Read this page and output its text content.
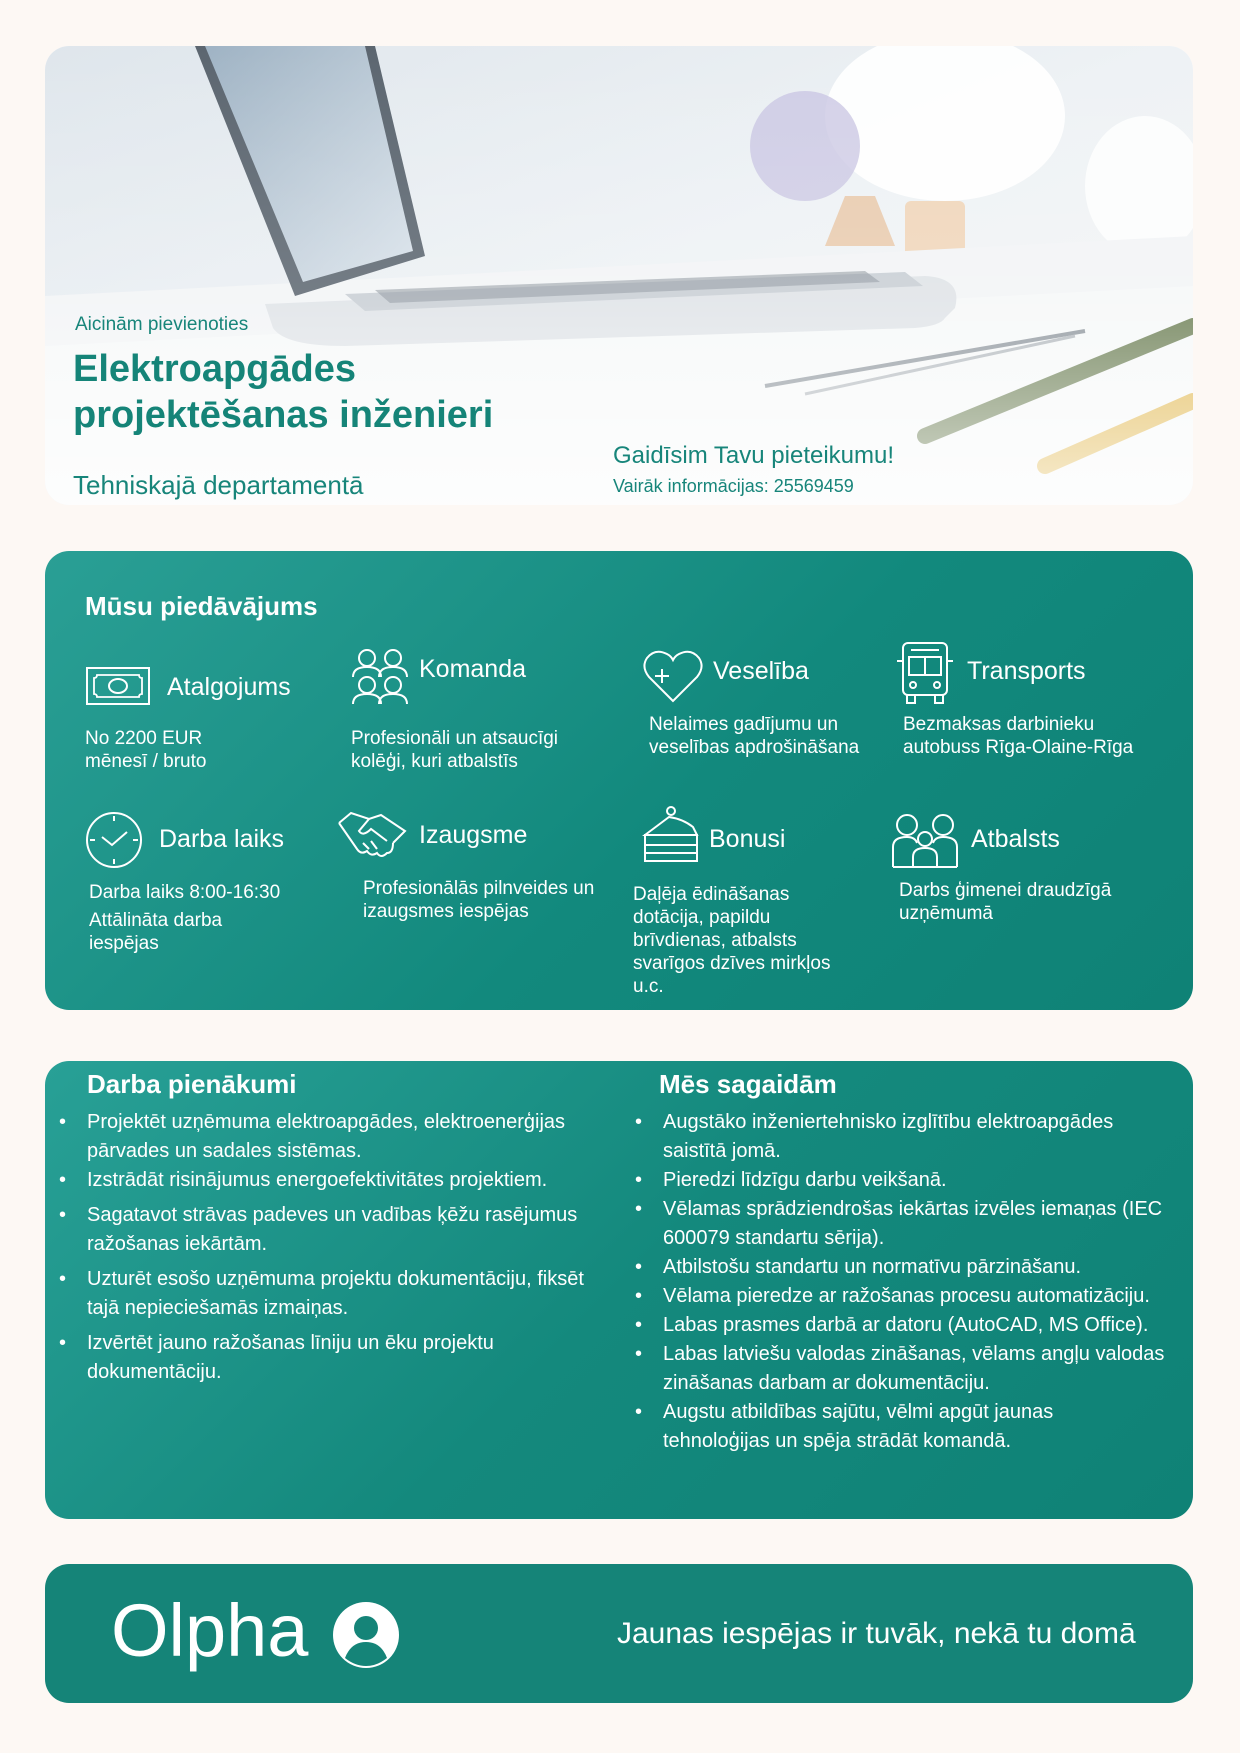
Aicinām pievienoties
Elektroapgādes
projektēšanas inženieri
Tehniskajā departamentā
Gaidīsim Tavu pieteikumu!
Vairāk informācijas: 25569459
Mūsu piedāvājums
Atalgojums
No 2200 EUR mēnesī / bruto
Komanda
Profesionāli un atsaucīgi kolēģi, kuri atbalstīs
Veselība
Nelaimes gadījumu un veselības apdrošināšana
Transports
Bezmaksas darbinieku autobuss Rīga-Olaine-Rīga
Darba laiks
Darba laiks 8:00-16:30
Attālināta darba iespējas
Izaugsme
Profesionālās pilnveides un izaugsmes iespējas
Bonusi
Daļēja ēdināšanas dotācija, papildu brīvdienas, atbalsts svarīgos dzīves mirkļos u.c.
Atbalsts
Darbs ģimenei draudzīgā uzņēmumā
Darba pienākumi
• Projektēt uzņēmuma elektroapgādes, elektroenerģijas pārvades un sadales sistēmas.
• Izstrādāt risinājumus energoefektivitātes projektiem.
• Sagatavot strāvas padeves un vadības ķēžu rasējumus ražošanas iekārtām.
• Uzturēt esošo uzņēmuma projektu dokumentāciju, fiksēt tajā nepieciešamās izmaiņas.
• Izvērtēt jauno ražošanas līniju un ēku projektu dokumentāciju.
Mēs sagaidām
• Augstāko inženiertehnisko izglītību elektroapgādes saistītā jomā.
• Pieredzi līdzīgu darbu veikšanā.
• Vēlamas sprādziendrošas iekārtas izvēles iemaņas (IEC 600079 standartu sērija).
• Atbilstošu standartu un normatīvu pārzināšanu.
• Vēlama pieredze ar ražošanas procesu automatizāciju.
• Labas prasmes darbā ar datoru (AutoCAD, MS Office).
• Labas latviešu valodas zināšanas, vēlams angļu valodas zināšanas darbam ar dokumentāciju.
• Augstu atbildības sajūtu, vēlmi apgūt jaunas tehnoloģijas un spēja strādāt komandā.
Olpha	Jaunas iespējas ir tuvāk, nekā tu domā
